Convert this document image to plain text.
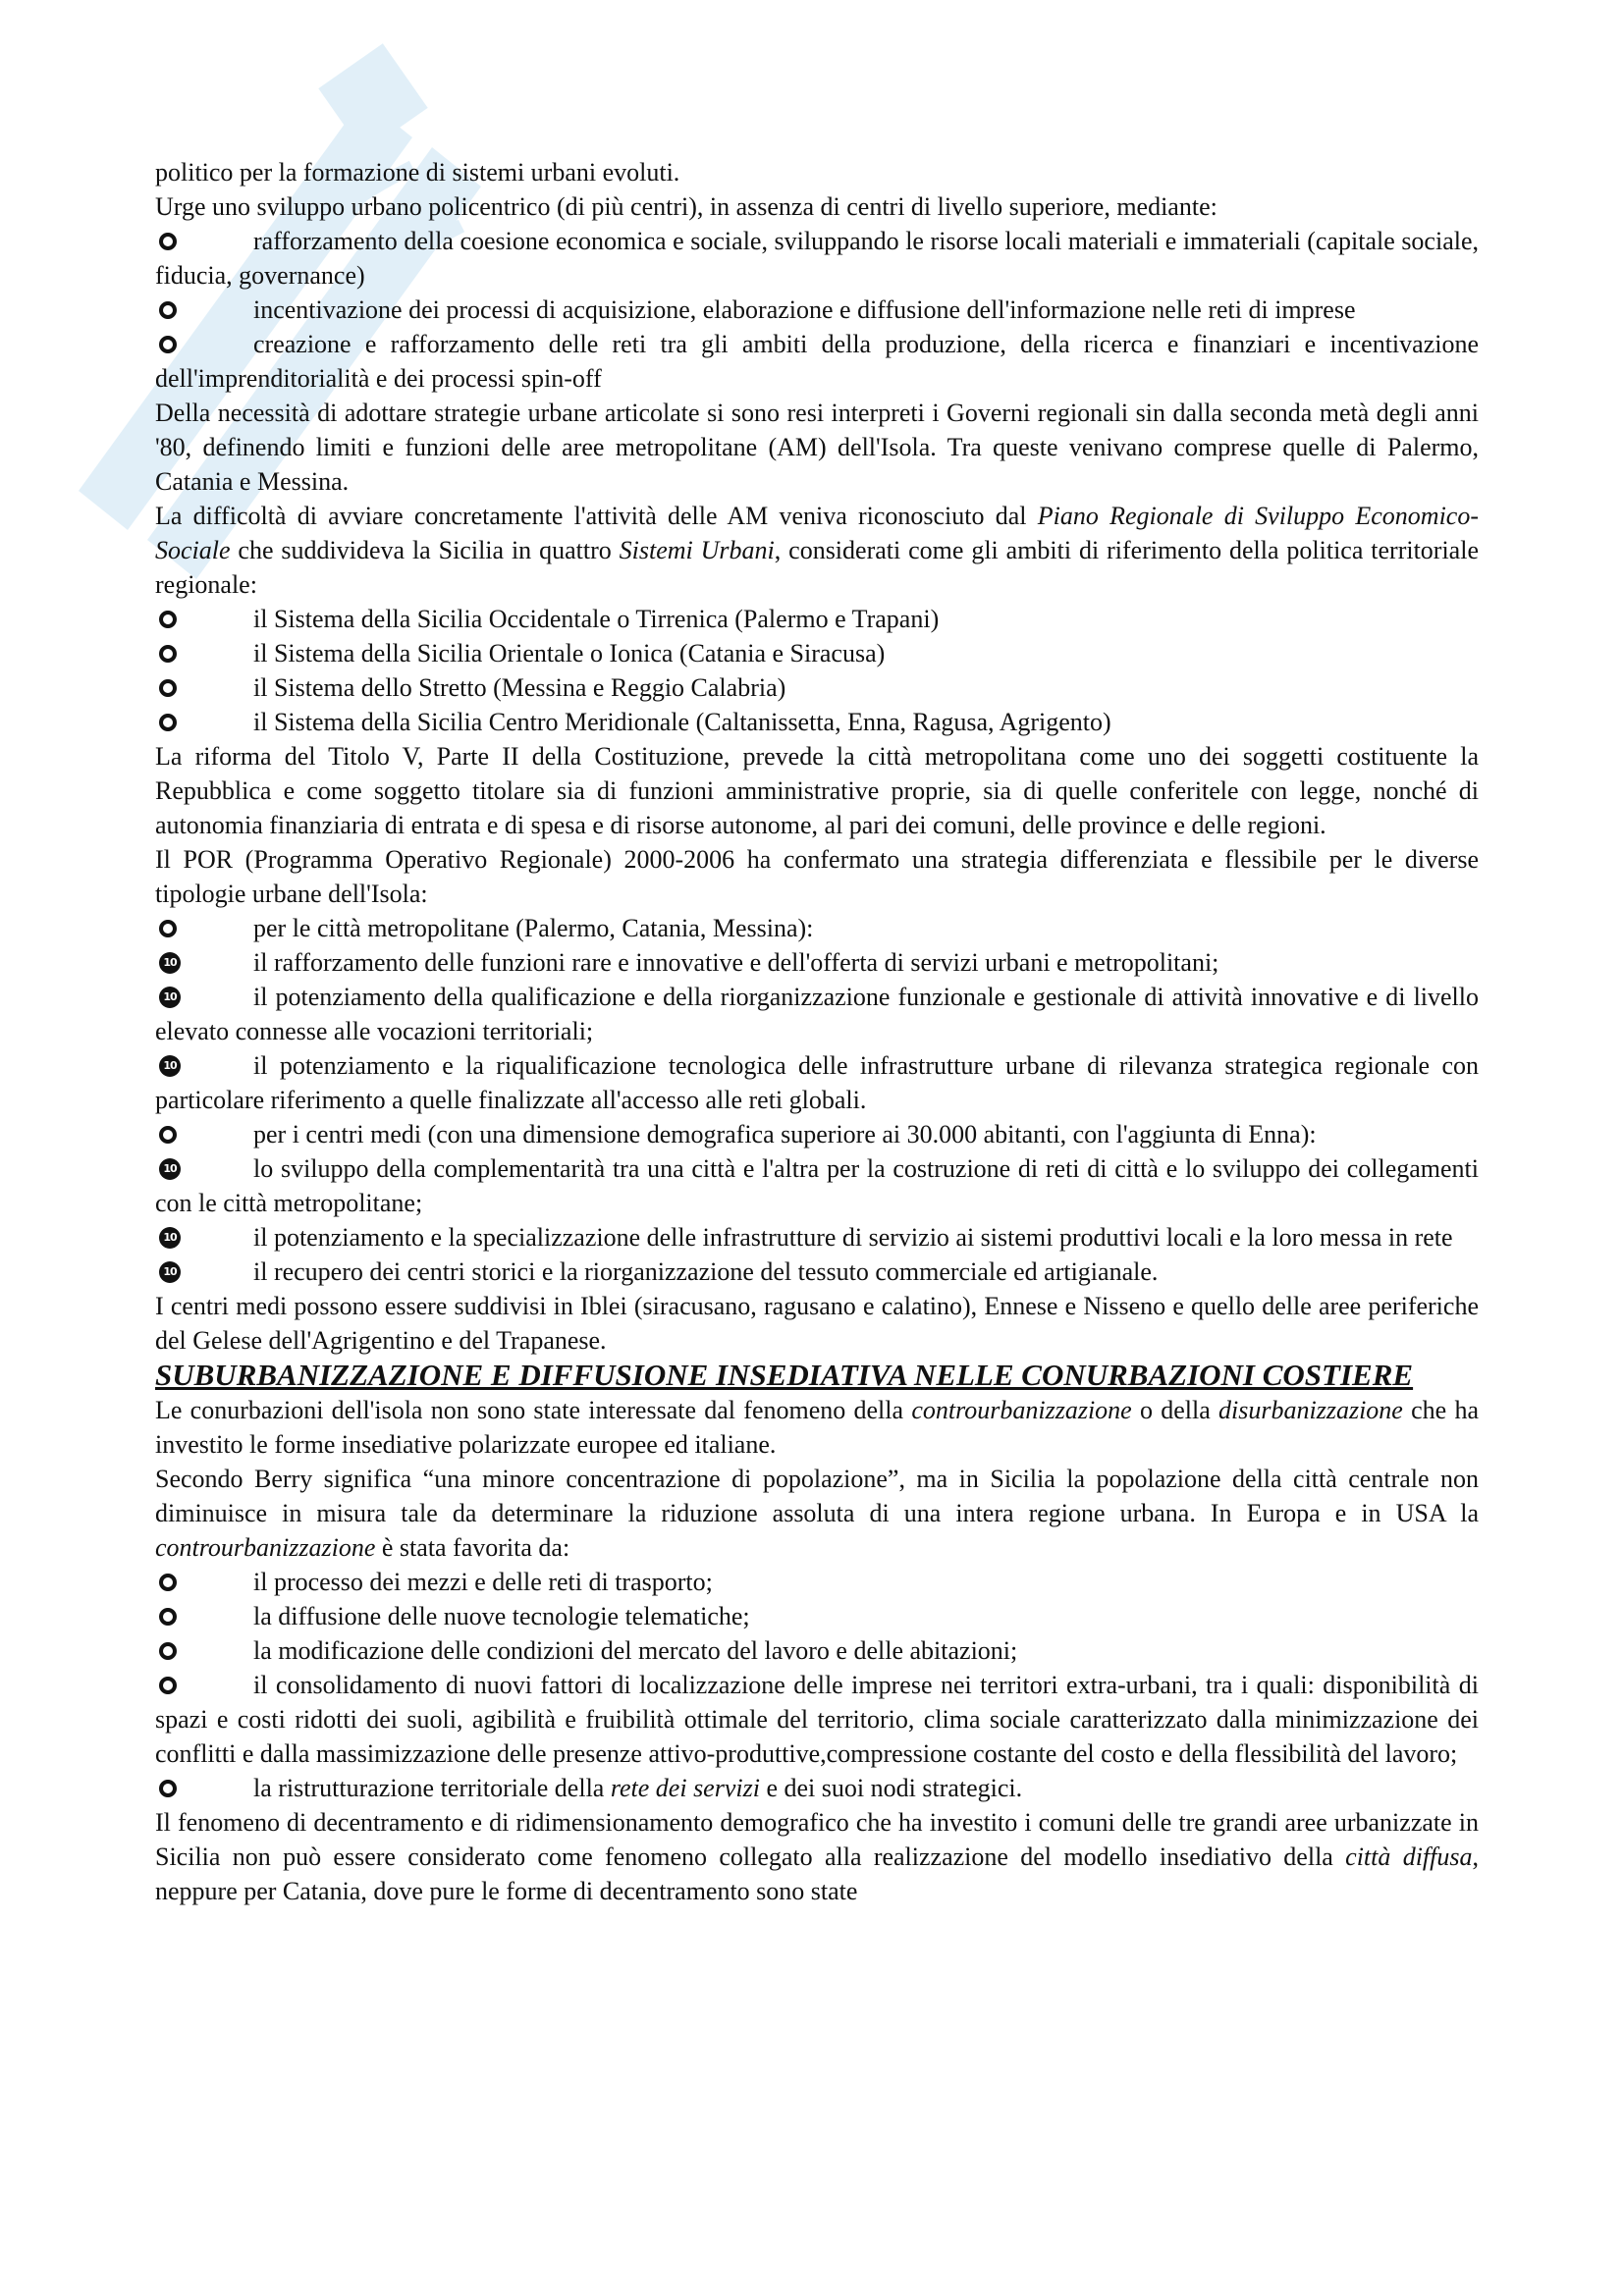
politico per la formazione di sistemi urbani evoluti.

Urge uno sviluppo urbano policentrico (di più centri), in assenza di centri di livello superiore, mediante:

rafforzamento della coesione economica e sociale, sviluppando le risorse locali materiali e immateriali (capitale sociale, fiducia, governance)
incentivazione dei processi di acquisizione, elaborazione e diffusione dell'informazione nelle reti di imprese
creazione e rafforzamento delle reti tra gli ambiti della produzione, della ricerca e finanziari e incentivazione dell'imprenditorialità e dei processi spin-off

Della necessità di adottare strategie urbane articolate si sono resi interpreti i Governi regionali sin dalla seconda metà degli anni '80, definendo limiti e funzioni delle aree metropolitane (AM) dell'Isola. Tra queste venivano comprese quelle di Palermo, Catania e Messina.

La difficoltà di avviare concretamente l'attività delle AM veniva riconosciuto dal Piano Regionale di Sviluppo Economico-Sociale che suddivideva la Sicilia in quattro Sistemi Urbani, considerati come gli ambiti di riferimento della politica territoriale regionale:

il Sistema della Sicilia Occidentale o Tirrenica (Palermo e Trapani)
il Sistema della Sicilia Orientale o Ionica (Catania e Siracusa)
il Sistema dello Stretto (Messina e Reggio Calabria)
il Sistema della Sicilia Centro Meridionale (Caltanissetta, Enna, Ragusa, Agrigento)

La riforma del Titolo V, Parte II della Costituzione, prevede la città metropolitana come uno dei soggetti costituente la Repubblica e come soggetto titolare sia di funzioni amministrative proprie, sia di quelle conferitele con legge, nonché di autonomia finanziaria di entrata e di spesa e di risorse autonome, al pari dei comuni, delle province e delle regioni.

Il POR (Programma Operativo Regionale) 2000-2006 ha confermato una strategia differenziata e flessibile per le diverse tipologie urbane dell'Isola:

per le città metropolitane (Palermo, Catania, Messina):
10	il rafforzamento delle funzioni rare e innovative e dell'offerta di servizi urbani e metropolitani;
10	il potenziamento della qualificazione e della riorganizzazione funzionale e gestionale di attività innovative e di livello elevato connesse alle vocazioni territoriali;
10	il potenziamento e la riqualificazione tecnologica delle infrastrutture urbane di rilevanza strategica regionale con particolare riferimento a quelle finalizzate all'accesso alle reti globali.
per i centri medi (con una dimensione demografica superiore ai 30.000 abitanti, con l'aggiunta di Enna):
10	lo sviluppo della complementarità tra una città e l'altra per la costruzione di reti di città e lo sviluppo dei collegamenti con le città metropolitane;
10	il potenziamento e la specializzazione delle infrastrutture di servizio ai sistemi produttivi locali e la loro messa in rete
10	il recupero dei centri storici e la riorganizzazione del tessuto commerciale ed artigianale.

I centri medi possono essere suddivisi in Iblei (siracusano, ragusano e calatino), Ennese e Nisseno e quello delle aree periferiche del Gelese dell'Agrigentino e del Trapanese.

SUBURBANIZZAZIONE E DIFFUSIONE INSEDIATIVA NELLE CONURBAZIONI COSTIERE

Le conurbazioni dell'isola non sono state interessate dal fenomeno della controurbanizzazione o della disurbanizzazione che ha investito le forme insediative polarizzate europee ed italiane.

Secondo Berry significa “una minore concentrazione di popolazione”, ma in Sicilia la popolazione della città centrale non diminuisce in misura tale da determinare la riduzione assoluta di una intera regione urbana. In Europa e in USA la controurbanizzazione è stata favorita da:

il processo dei mezzi e delle reti di trasporto;
la diffusione delle nuove tecnologie telematiche;
la modificazione delle condizioni del mercato del lavoro e delle abitazioni;
il consolidamento di nuovi fattori di localizzazione delle imprese nei territori extra-urbani, tra i quali: disponibilità di spazi e costi ridotti dei suoli, agibilità e fruibilità ottimale del territorio, clima sociale caratterizzato dalla minimizzazione dei conflitti e dalla massimizzazione delle presenze attivo-produttive,compressione costante del costo e della flessibilità del lavoro;
la ristrutturazione territoriale della rete dei servizi e dei suoi nodi strategici.

Il fenomeno di decentramento e di ridimensionamento demografico che ha investito i comuni delle tre grandi aree urbanizzate in Sicilia non può essere considerato come fenomeno collegato alla realizzazione del modello insediativo della città diffusa, neppure per Catania, dove pure le forme di decentramento sono state
